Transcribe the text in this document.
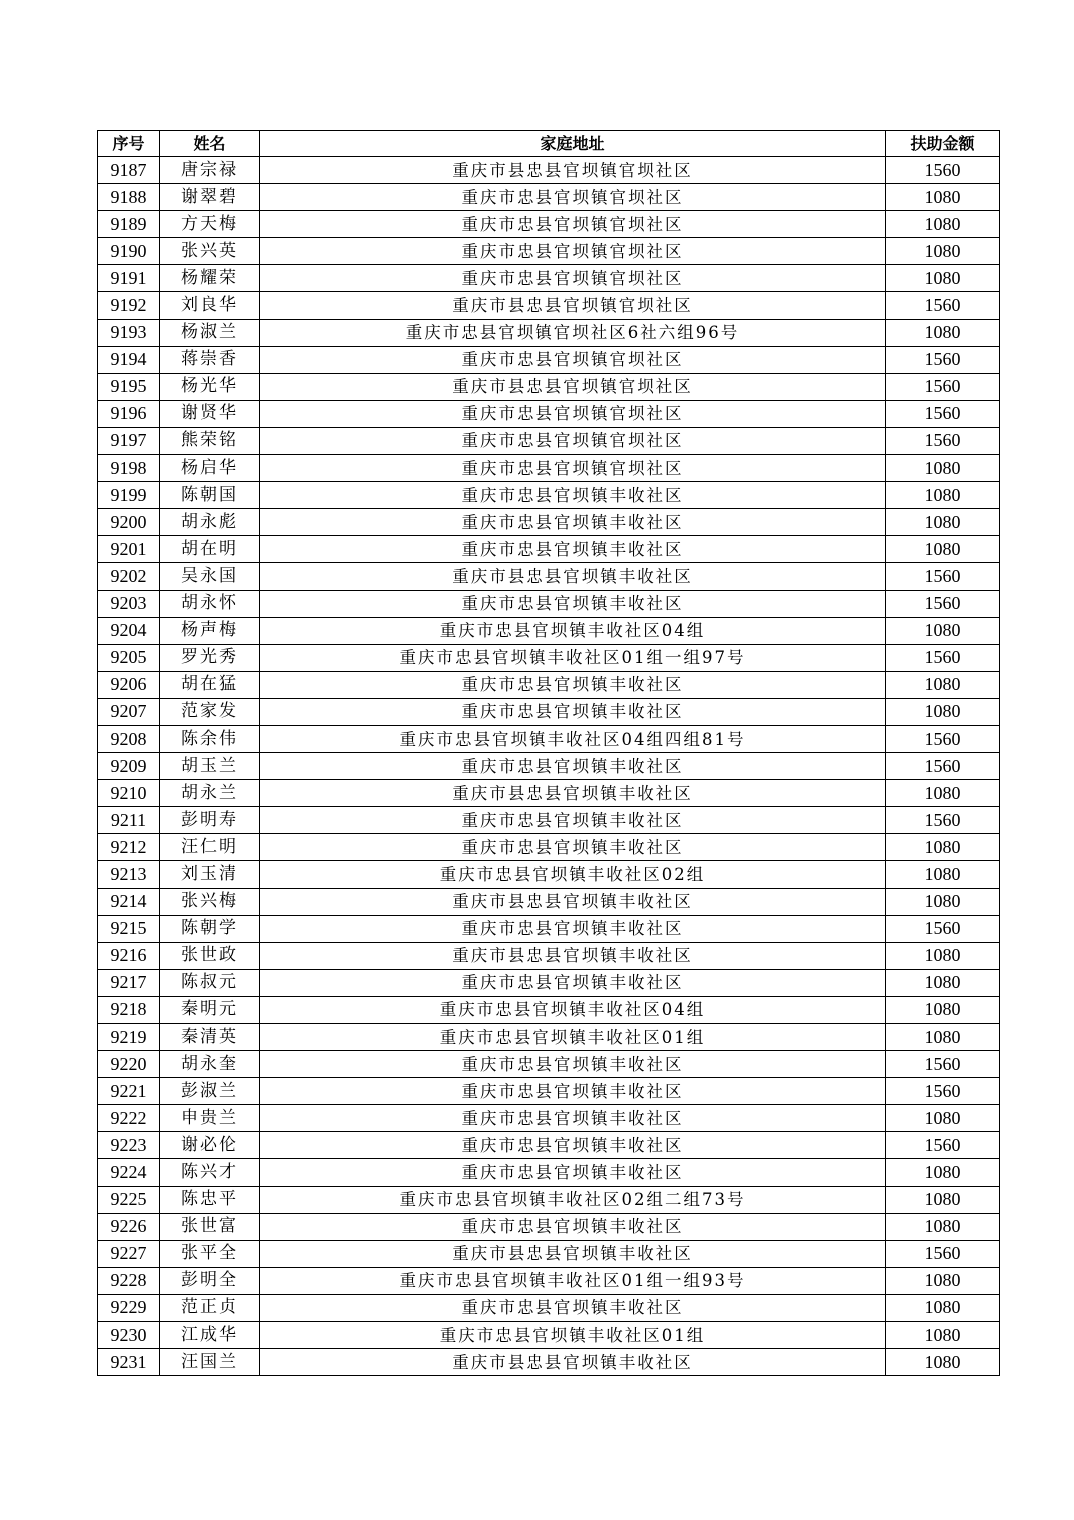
序号	姓名	家庭地址	扶助金额
9187	唐宗禄	重庆市县忠县官坝镇官坝社区	1560
9188	谢翠碧	重庆市忠县官坝镇官坝社区	1080
9189	方天梅	重庆市忠县官坝镇官坝社区	1080
9190	张兴英	重庆市忠县官坝镇官坝社区	1080
9191	杨耀荣	重庆市忠县官坝镇官坝社区	1080
9192	刘良华	重庆市县忠县官坝镇官坝社区	1560
9193	杨淑兰	重庆市忠县官坝镇官坝社区6社六组96号	1080
9194	蒋崇香	重庆市忠县官坝镇官坝社区	1560
9195	杨光华	重庆市县忠县官坝镇官坝社区	1560
9196	谢贤华	重庆市忠县官坝镇官坝社区	1560
9197	熊荣铭	重庆市忠县官坝镇官坝社区	1560
9198	杨启华	重庆市忠县官坝镇官坝社区	1080
9199	陈朝国	重庆市忠县官坝镇丰收社区	1080
9200	胡永彪	重庆市忠县官坝镇丰收社区	1080
9201	胡在明	重庆市忠县官坝镇丰收社区	1080
9202	吴永国	重庆市县忠县官坝镇丰收社区	1560
9203	胡永怀	重庆市忠县官坝镇丰收社区	1560
9204	杨声梅	重庆市忠县官坝镇丰收社区04组	1080
9205	罗光秀	重庆市忠县官坝镇丰收社区01组一组97号	1560
9206	胡在猛	重庆市忠县官坝镇丰收社区	1080
9207	范家发	重庆市忠县官坝镇丰收社区	1080
9208	陈余伟	重庆市忠县官坝镇丰收社区04组四组81号	1560
9209	胡玉兰	重庆市忠县官坝镇丰收社区	1560
9210	胡永兰	重庆市县忠县官坝镇丰收社区	1080
9211	彭明寿	重庆市忠县官坝镇丰收社区	1560
9212	汪仁明	重庆市忠县官坝镇丰收社区	1080
9213	刘玉清	重庆市忠县官坝镇丰收社区02组	1080
9214	张兴梅	重庆市县忠县官坝镇丰收社区	1080
9215	陈朝学	重庆市忠县官坝镇丰收社区	1560
9216	张世政	重庆市县忠县官坝镇丰收社区	1080
9217	陈叔元	重庆市忠县官坝镇丰收社区	1080
9218	秦明元	重庆市忠县官坝镇丰收社区04组	1080
9219	秦清英	重庆市忠县官坝镇丰收社区01组	1080
9220	胡永奎	重庆市忠县官坝镇丰收社区	1560
9221	彭淑兰	重庆市忠县官坝镇丰收社区	1560
9222	申贵兰	重庆市忠县官坝镇丰收社区	1080
9223	谢必伦	重庆市忠县官坝镇丰收社区	1560
9224	陈兴才	重庆市忠县官坝镇丰收社区	1080
9225	陈忠平	重庆市忠县官坝镇丰收社区02组二组73号	1080
9226	张世富	重庆市忠县官坝镇丰收社区	1080
9227	张平全	重庆市县忠县官坝镇丰收社区	1560
9228	彭明全	重庆市忠县官坝镇丰收社区01组一组93号	1080
9229	范正贞	重庆市忠县官坝镇丰收社区	1080
9230	江成华	重庆市忠县官坝镇丰收社区01组	1080
9231	汪国兰	重庆市县忠县官坝镇丰收社区	1080
